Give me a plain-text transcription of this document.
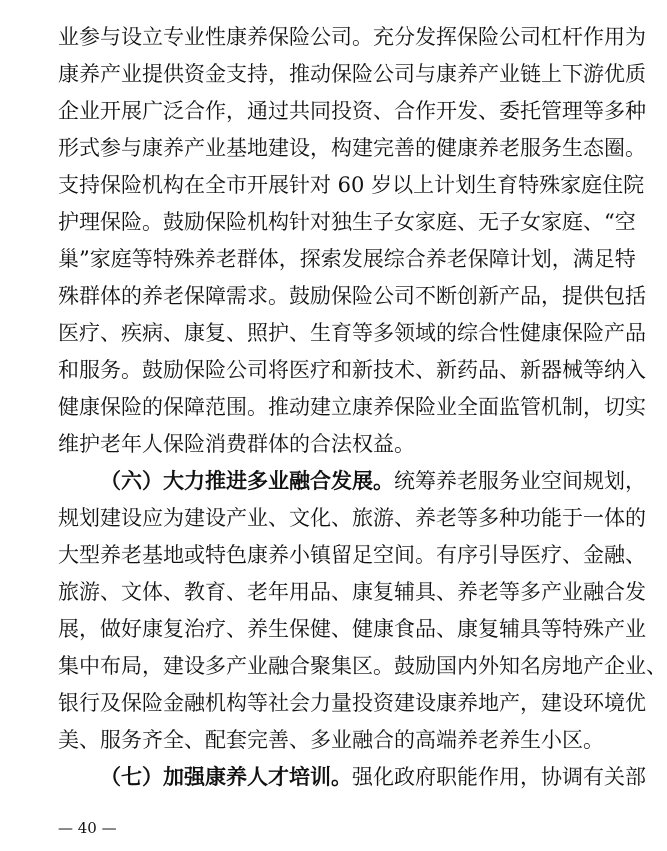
业参与设立专业性康养保险公司。充分发挥保险公司杠杆作用为
康养产业提供资金支持，推动保险公司与康养产业链上下游优质
企业开展广泛合作，通过共同投资、合作开发、委托管理等多种
形式参与康养产业基地建设，构建完善的健康养老服务生态圈。
支持保险机构在全市开展针对 60 岁以上计划生育特殊家庭住院
护理保险。鼓励保险机构针对独生子女家庭、无子女家庭、“空
巢”家庭等特殊养老群体，探索发展综合养老保障计划，满足特
殊群体的养老保障需求。鼓励保险公司不断创新产品，提供包括
医疗、疾病、康复、照护、生育等多领域的综合性健康保险产品
和服务。鼓励保险公司将医疗和新技术、新药品、新器械等纳入
健康保险的保障范围。推动建立康养保险业全面监管机制，切实
维护老年人保险消费群体的合法权益。
（六）大力推进多业融合发展。统筹养老服务业空间规划，
规划建设应为建设产业、文化、旅游、养老等多种功能于一体的
大型养老基地或特色康养小镇留足空间。有序引导医疗、金融、
旅游、文体、教育、老年用品、康复辅具、养老等多产业融合发
展，做好康复治疗、养生保健、健康食品、康复辅具等特殊产业
集中布局，建设多产业融合聚集区。鼓励国内外知名房地产企业、
银行及保险金融机构等社会力量投资建设康养地产，建设环境优
美、服务齐全、配套完善、多业融合的高端养老养生小区。
（七）加强康养人才培训。强化政府职能作用，协调有关部
— 40 —
